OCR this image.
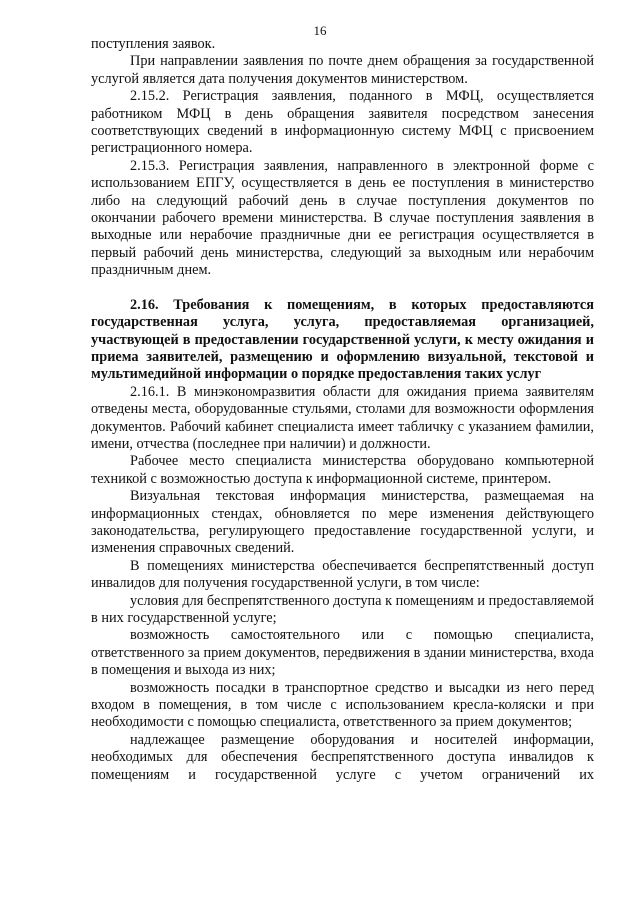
16

поступления заявок.

При направлении заявления по почте днем обращения за государственной услугой является дата получения документов министерством.

2.15.2. Регистрация заявления, поданного в МФЦ, осуществляется работником МФЦ в день обращения заявителя посредством занесения соответствующих сведений в информационную систему МФЦ с присвоением регистрационного номера.

2.15.3. Регистрация заявления, направленного в электронной форме с использованием ЕПГУ, осуществляется в день ее поступления в министерство либо на следующий рабочий день в случае поступления документов по окончании рабочего времени министерства. В случае поступления заявления в выходные или нерабочие праздничные дни ее регистрация осуществляется в первый рабочий день министерства, следующий за выходным или нерабочим праздничным днем.

2.16. Требования к помещениям, в которых предоставляются государственная услуга, услуга, предоставляемая организацией, участвующей в предоставлении государственной услуги, к месту ожидания и приема заявителей, размещению и оформлению визуальной, текстовой и мультимедийной информации о порядке предоставления таких услуг

2.16.1. В минэкономразвития области для ожидания приема заявителям отведены места, оборудованные стульями, столами для возможности оформления документов. Рабочий кабинет специалиста имеет табличку с указанием фамилии, имени, отчества (последнее при наличии) и должности.

Рабочее место специалиста министерства оборудовано компьютерной техникой с возможностью доступа к информационной системе, принтером.

Визуальная текстовая информация министерства, размещаемая на информационных стендах, обновляется по мере изменения действующего законодательства, регулирующего предоставление государственной услуги, и изменения справочных сведений.

В помещениях министерства обеспечивается беспрепятственный доступ инвалидов для получения государственной услуги, в том числе:

условия для беспрепятственного доступа к помещениям и предоставляемой в них государственной услуге;

возможность самостоятельного или с помощью специалиста, ответственного за прием документов, передвижения в здании министерства, входа в помещения и выхода из них;

возможность посадки в транспортное средство и высадки из него перед входом в помещения, в том числе с использованием кресла-коляски и при необходимости с помощью специалиста, ответственного за прием документов;

надлежащее размещение оборудования и носителей информации, необходимых для обеспечения беспрепятственного доступа инвалидов к помещениям и государственной услуге с учетом ограничений их
